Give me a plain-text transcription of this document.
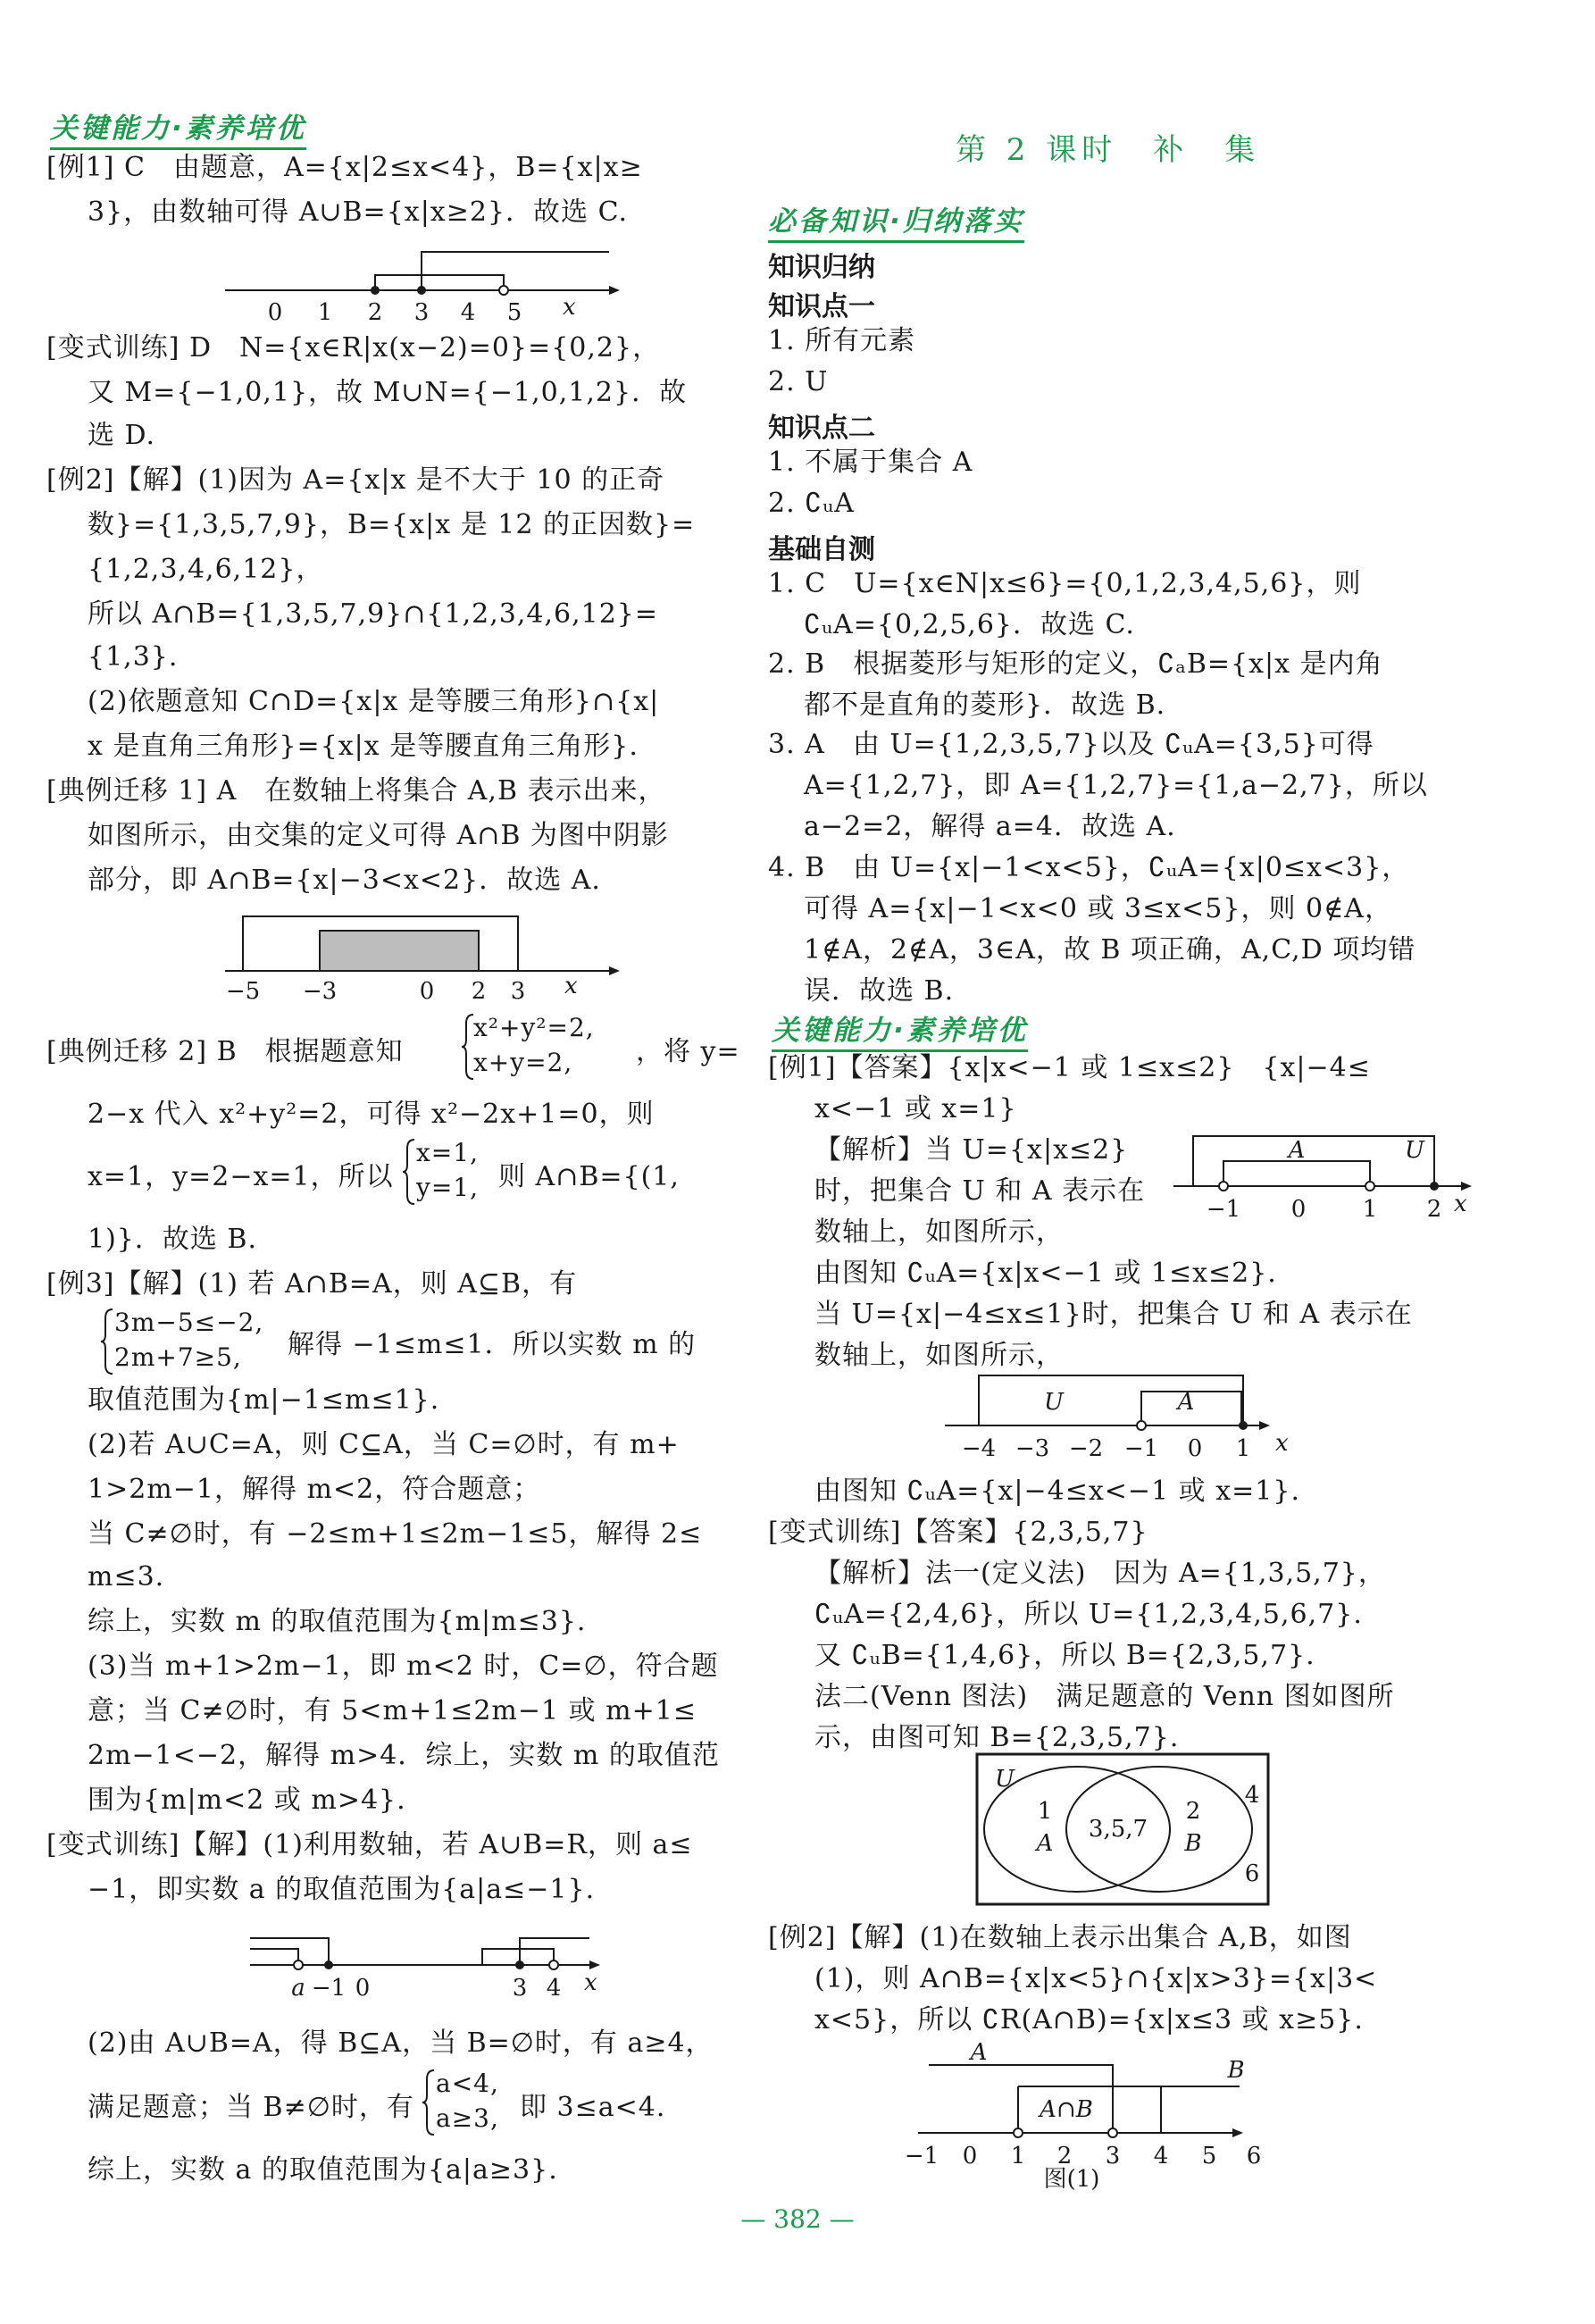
关键能力·素养培优
[例1] C　由题意，A={x|2≤x<4}，B={x|x≥
3}，由数轴可得 A∪B={x|x≥2}．故选 C.
0 1 2 3 4 5 x
[变式训练] D　N={x∈R|x(x−2)=0}={0,2}，
又 M={−1,0,1}，故 M∪N={−1,0,1,2}．故
选 D.
[例2]【解】(1)因为 A={x|x 是不大于 10 的正奇
数}={1,3,5,7,9}，B={x|x 是 12 的正因数}=
{1,2,3,4,6,12}，
所以 A∩B={1,3,5,7,9}∩{1,2,3,4,6,12}=
{1,3}.
(2)依题意知 C∩D={x|x 是等腰三角形}∩{x|
x 是直角三角形}={x|x 是等腰直角三角形}.
[典例迁移 1] A　在数轴上将集合 A,B 表示出来，
如图所示，由交集的定义可得 A∩B 为图中阴影
部分，即 A∩B={x|−3<x<2}．故选 A.
−5 −3	0 2 3 x
[典例迁移 2] B　根据题意知
x²+y²=2,
x+y=2, ，将 y=
2−x 代入 x²+y²=2，可得 x²−2x+1=0，则
x=1，y=2−x=1，所以
x=1,
y=1, 则 A∩B={(1,
1)}．故选 B.
[例3]【解】(1) 若 A∩B=A，则 A⊆B，有
3m−5≤−2,
2m+7≥5, 解得 −1≤m≤1．所以实数 m 的
取值范围为{m|−1≤m≤1}.
(2)若 A∪C=A，则 C⊆A，当 C=∅时，有 m+
1>2m−1，解得 m<2，符合题意；
当 C≠∅时，有 −2≤m+1≤2m−1≤5，解得 2≤
m≤3.
综上，实数 m 的取值范围为{m|m≤3}.
(3)当 m+1>2m−1，即 m<2 时，C=∅，符合题
意；当 C≠∅时，有 5<m+1≤2m−1 或 m+1≤
2m−1<−2，解得 m>4．综上，实数 m 的取值范
围为{m|m<2 或 m>4}.
[变式训练]【解】(1)利用数轴，若 A∪B=R，则 a≤
−1，即实数 a 的取值范围为{a|a≤−1}.
a −1 0	3 4 x
(2)由 A∪B=A，得 B⊆A，当 B=∅时，有 a≥4，
满足题意；当 B≠∅时，有
a<4,
a≥3, 即 3≤a<4.
综上，实数 a 的取值范围为{a|a≥3}.
第 2 课时　补　集
必备知识·归纳落实
知识归纳
知识点一
1. 所有元素
2. U
知识点二
1. 不属于集合 A
2. ∁ᵤA
基础自测
1. C　U={x∈N|x≤6}={0,1,2,3,4,5,6}，则
∁ᵤA={0,2,5,6}．故选 C.
2. B　根据菱形与矩形的定义，∁ₐB={x|x 是内角
都不是直角的菱形}．故选 B.
3. A　由 U={1,2,3,5,7}以及 ∁ᵤA={3,5}可得
A={1,2,7}，即 A={1,2,7}={1,a−2,7}，所以
a−2=2，解得 a=4．故选 A.
4. B　由 U={x|−1<x<5}，∁ᵤA={x|0≤x<3}，
可得 A={x|−1<x<0 或 3≤x<5}，则 0∉A，
1∉A，2∉A，3∈A，故 B 项正确，A,C,D 项均错
误．故选 B.
关键能力·素养培优
[例1]【答案】{x|x<−1 或 1≤x≤2}　{x|−4≤
x<−1 或 x=1}
【解析】当 U={x|x≤2}
时，把集合 U 和 A 表示在
数轴上，如图所示，
A	U
−1 0 1 2 x
由图知 ∁ᵤA={x|x<−1 或 1≤x≤2}.
当 U={x|−4≤x≤1}时，把集合 U 和 A 表示在
数轴上，如图所示，
U	A
−4 −3 −2 −1 0 1 x
由图知 ∁ᵤA={x|−4≤x<−1 或 x=1}.
[变式训练]【答案】{2,3,5,7}
【解析】法一(定义法)　因为 A={1,3,5,7}，
∁ᵤA={2,4,6}，所以 U={1,2,3,4,5,6,7}.
又 ∁ᵤB={1,4,6}，所以 B={2,3,5,7}.
法二(Venn 图法)　满足题意的 Venn 图如图所
示，由图可知 B={2,3,5,7}.
U
1
A
3,5,7
2
B
4
6
[例2]【解】(1)在数轴上表示出集合 A,B，如图
(1)，则 A∩B={x|x<5}∩{x|x>3}={x|3<
x<5}，所以 ∁R(A∩B)={x|x≤3 或 x≥5}.
A
B
A∩B
−1 0 1 2 3 4 5 6
图(1)
— 382 —
